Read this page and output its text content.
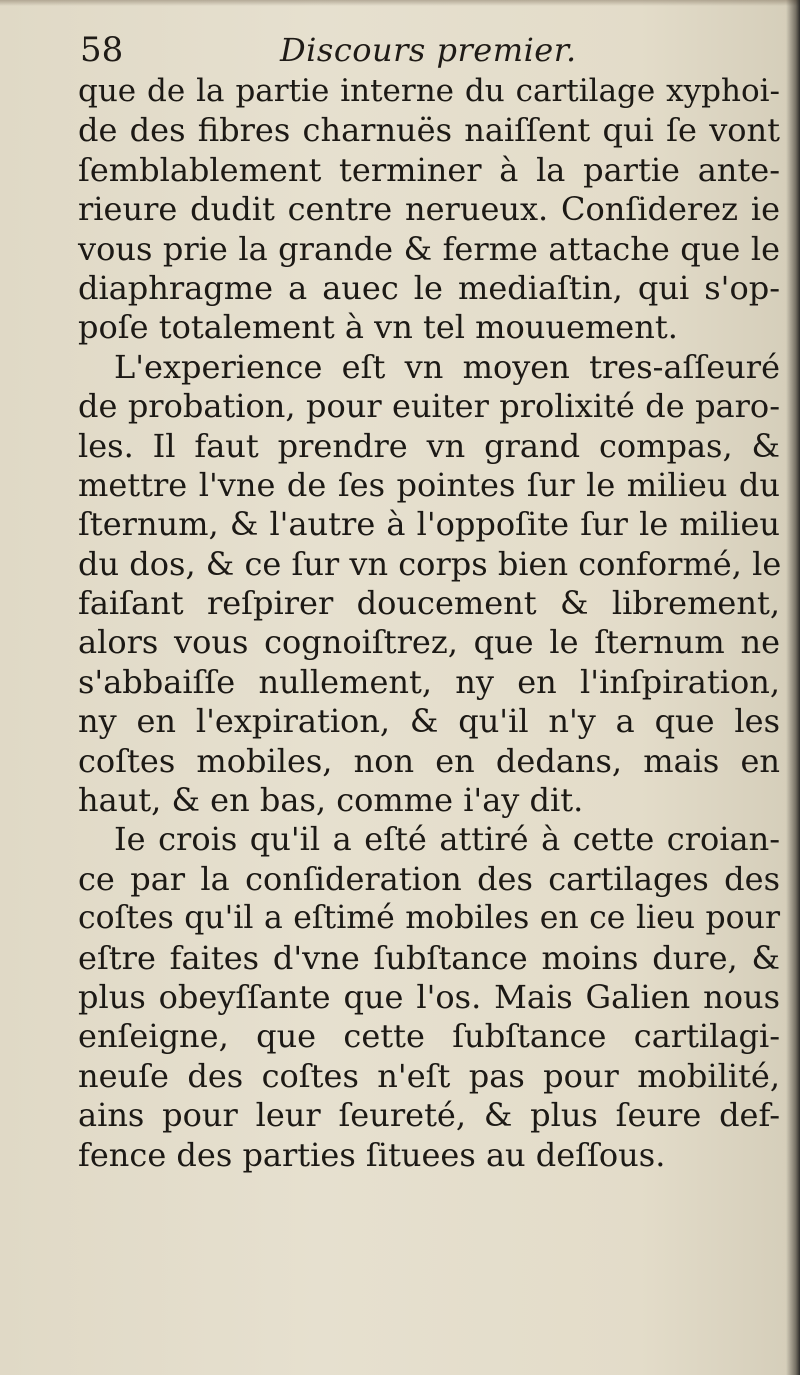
58	Discours premier.
que de la partie interne du cartilage xyphoi-
de des fibres charnuës naiſſent qui ſe vont
ſemblablement terminer à la partie ante-
rieure dudit centre nerueux. Conſiderez ie
vous prie la grande & ferme attache que le
diaphragme a auec le mediaſtin, qui s'op-
poſe totalement à vn tel mouuement.
L'experience eſt vn moyen tres-aſſeuré
de probation, pour euiter prolixité de paro-
les. Il faut prendre vn grand compas, &
mettre l'vne de ſes pointes ſur le milieu du
ſternum, & l'autre à l'oppoſite ſur le milieu
du dos, & ce ſur vn corps bien conformé, le
faiſant reſpirer doucement & librement,
alors vous cognoiſtrez, que le ſternum ne
s'abbaiſſe nullement, ny en l'inſpiration,
ny en l'expiration, & qu'il n'y a que les
coſtes mobiles, non en dedans, mais en
haut, & en bas, comme i'ay dit.
Ie crois qu'il a eſté attiré à cette croian-
ce par la conſideration des cartilages des
coſtes qu'il a eſtimé mobiles en ce lieu pour
eſtre faites d'vne ſubſtance moins dure, &
plus obeyſſante que l'os. Mais Galien nous
enſeigne, que cette ſubſtance cartilagi-
neuſe des coſtes n'eſt pas pour mobilité,
ains pour leur ſeureté, & plus ſeure def-
fence des parties ſituees au deſſous.
